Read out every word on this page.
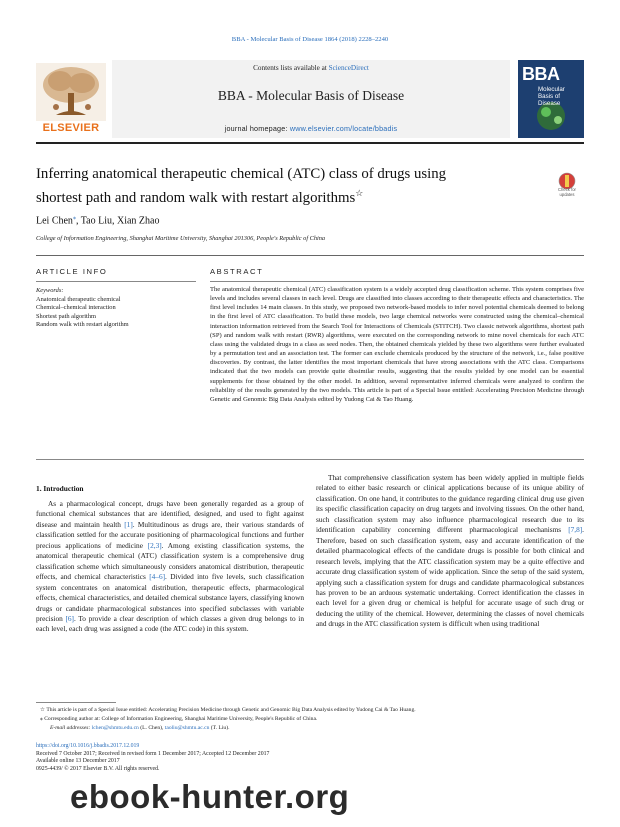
BBA - Molecular Basis of Disease 1864 (2018) 2228–2240
ELSEVIER
Contents lists available at ScienceDirect
BBA - Molecular Basis of Disease
journal homepage: www.elsevier.com/locate/bbadis
BBA
Molecular
Basis of
Disease
Inferring anatomical therapeutic chemical (ATC) class of drugs using shortest path and random walk with restart algorithms☆	Check for
updates
Lei Chen⁎, Tao Liu, Xian Zhao
College of Information Engineering, Shanghai Maritime University, Shanghai 201306, People's Republic of China
ARTICLE INFO
Keywords:
Anatomical therapeutic chemical
Chemical–chemical interaction
Shortest path algorithm
Random walk with restart algorithm
ABSTRACT
The anatomical therapeutic chemical (ATC) classification system is a widely accepted drug classification scheme. This system comprises five levels and includes several classes in each level. Drugs are classified into classes according to their therapeutic effects and characteristics. The first level includes 14 main classes. In this study, we proposed two network-based models to infer novel potential chemicals deemed to belong in the first level of ATC classification. To build these models, two large chemical networks were constructed using the chemical–chemical interaction information retrieved from the Search Tool for Interactions of Chemicals (STITCH). Two classic network algorithms, shortest path (SP) and random walk with restart (RWR) algorithms, were executed on the corresponding network to mine novel chemicals for each ATC class using the validated drugs in a class as seed nodes. Then, the obtained chemicals yielded by these two algorithms were further evaluated by a permutation test and an association test. The former can exclude chemicals produced by the structure of the network, i.e., false positive discoveries. By contrast, the latter identifies the most important chemicals that have strong associations with the ATC class. Comparisons indicated that the two models can provide quite dissimilar results, suggesting that the results yielded by one model can be essential supplements for those obtained by the other model. In addition, several representative inferred chemicals were analyzed to confirm the reliability of the results generated by the two models. This article is part of a Special Issue entitled: Accelerating Precision Medicine through Genetic and Genomic Big Data Analysis edited by Yudong Cai & Tao Huang.
1. Introduction

As a pharmacological concept, drugs have been generally regarded as a group of functional chemical substances that are identified, designed, and used to fight against disease and maintain health [1]. Multitudinous as drugs are, their various standards of classification settled for the accurate positioning of pharmacological functions and further precious applications of medicine [2,3]. Among existing classification systems, the anatomical therapeutic chemical (ATC) classification system is a comprehensive drug classification scheme which simultaneously considers anatomical distribution, therapeutic effects, and chemical characteristics [4–6]. Divided into five levels, such classification system concentrates on anatomical distribution, therapeutic effects, pharmacological effects, chemical characteristics, and detailed chemical substance layers, classifying known drugs or candidate pharmacological substances into specified subclasses with variable precision [6]. To provide a clear description of which classes a given drug belongs to in each level, each drug was assigned a code (the ATC code) in this system.

That comprehensive classification system has been widely applied in multiple fields related to either basic research or clinical applications because of its unique ability of classification. On one hand, it contributes to the guidance regarding clinical drug use given its specific classification capacity on drug targets and involving tissues. On the other hand, such classification system may also influence pharmacological research due to its identification capability concerning different pharmacological mechanisms [7,8]. Therefore, based on such classification system, easy and accurate identification of the detailed pharmacological effects of the candidate drugs is possible for both clinical and research levels, implying that the ATC classification system may be a quite effective and accurate drug classification system of wide application. Since the setup of the said system, applying such a classification system for drugs and candidate pharmacological substances has proven to be an arduous systematic undertaking. Correct identification the classes in each level for a given drug or chemical is helpful for accurate usage of such drug or deducing the utility of the chemical. However, determining the classes of novel chemicals and drugs in the ATC classification system is difficult when using traditional

☆ This article is part of a Special Issue entitled: Accelerating Precision Medicine through Genetic and Genomic Big Data Analysis edited by Yudong Cai & Tao Huang.
⁎ Corresponding author at: College of Information Engineering, Shanghai Maritime University, People's Republic of China.
E-mail addresses: lchen@shmtu.edu.cn (L. Chen), taoliu@shmtu.ac.cn (T. Liu).
https://doi.org/10.1016/j.bbadis.2017.12.019
Received 7 October 2017; Received in revised form 1 December 2017; Accepted 12 December 2017
Available online 13 December 2017
0925-4439/ © 2017 Elsevier B.V. All rights reserved.
ebook-hunter.org
